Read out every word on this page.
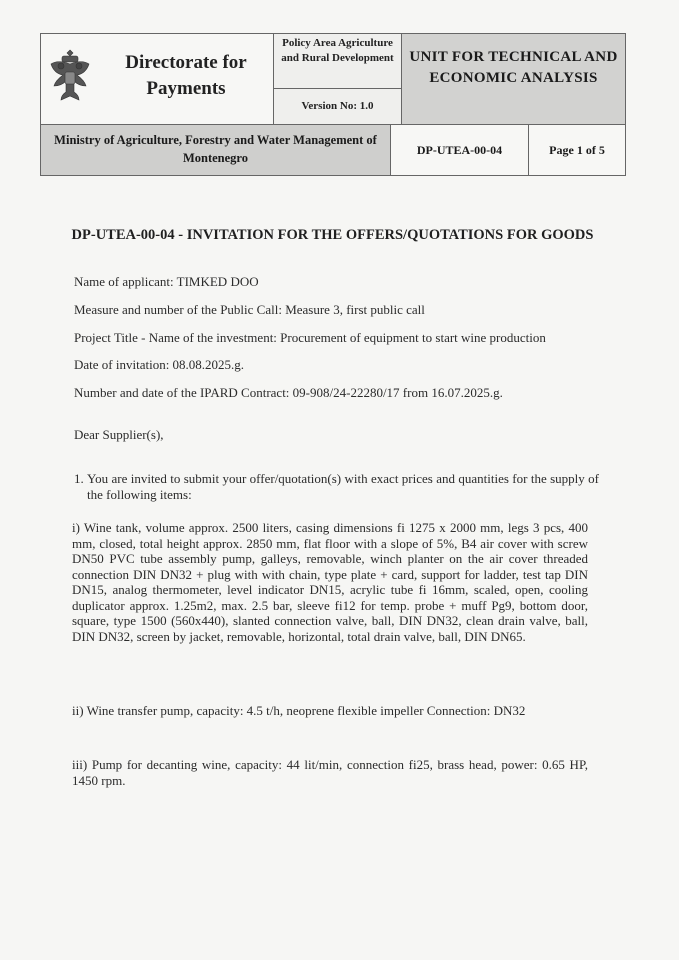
Directorate for Payments
Policy Area Agriculture and Rural Development
Version No: 1.0
UNIT FOR TECHNICAL AND ECONOMIC ANALYSIS
Ministry of Agriculture, Forestry and Water Management of Montenegro
DP-UTEA-00-04	Page 1 of 5
DP-UTEA-00-04 - INVITATION FOR THE OFFERS/QUOTATIONS FOR GOODS
Name of applicant: TIMKED DOO
Measure and number of the Public Call: Measure 3, first public call
Project Title - Name of the investment: Procurement of equipment to start wine production
Date of invitation: 08.08.2025.g.
Number and date of the IPARD Contract: 09-908/24-22280/17 from 16.07.2025.g.
Dear Supplier(s),
1. You are invited to submit your offer/quotation(s) with exact prices and quantities for the supply of the following items:
i) Wine tank, volume approx. 2500 liters, casing dimensions fi 1275 x 2000 mm, legs 3 pcs, 400 mm, closed, total height approx. 2850 mm, flat floor with a slope of 5%, B4 air cover with screw DN50 PVC tube assembly pump, galleys, removable, winch planter on the air cover threaded connection DIN DN32 + plug with with chain, type plate + card, support for ladder, test tap DIN DN15, analog thermometer, level indicator DN15, acrylic tube fi 16mm, scaled, open, cooling duplicator approx. 1.25m2, max. 2.5 bar, sleeve fi12 for temp. probe + muff Pg9, bottom door, square, type 1500 (560x440), slanted connection valve, ball, DIN DN32, clean drain valve, ball, DIN DN32, screen by jacket, removable, horizontal, total drain valve, ball, DIN DN65.
ii) Wine transfer pump, capacity: 4.5 t/h, neoprene flexible impeller Connection: DN32
iii) Pump for decanting wine, capacity: 44 lit/min, connection fi25, brass head, power: 0.65 HP, 1450 rpm.
